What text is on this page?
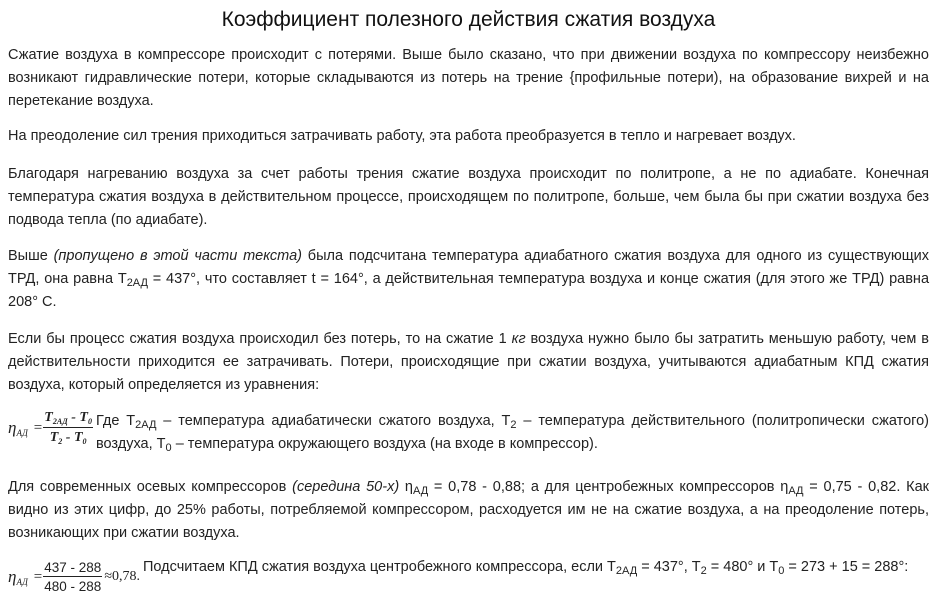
Коэффициент полезного действия сжатия воздуха

Сжатие воздуха в компрессоре происходит с потерями. Выше было сказано, что при движении воздуха по компрессору неизбежно возникают гидравлические потери, которые складываются из потерь на трение {профильные потери), на образование вихрей и на перетекание воздуха.

На преодоление сил трения приходиться затрачивать работу, эта работа преобразуется в тепло и нагревает воздух.

Благодаря нагреванию воздуха за счет работы трения сжатие воздуха происходит по политропе, а не по адиабате. Конечная температура сжатия воздуха в действительном процессе, происходящем по политропе, больше, чем была бы при сжатии воздуха без подвода тепла (по адиабате).

Выше (пропущено в этой части текста) была подсчитана температура адиабатного сжатия воздуха для одного из существующих ТРД, она равна $Т_{2АД} = 437^\circ$, что составляет t = 164°, а действительная температура воздуха и конце сжатия (для этого же ТРД) равна 208° С.

Если бы процесс сжатия воздуха происходил без потерь, то на сжатие 1 кг воздуха нужно было бы затратить меньшую работу, чем в действительности приходится ее затрачивать. Потери, происходящие при сжатии воздуха, учитываются адиабатным КПД сжатия воздуха, который определяется из уравнения:

$\eta_{АД} = \frac{T_{2АД} - T_0}{T_2 - T_0}$ Где $Т_{2АД}$ – температура адиабатически сжатого воздуха, $Т_2$ – температура действительного (политропически сжатого) воздуха, $Т_0$ – температура окружающего воздуха (на входе в компрессор).

Для современных осевых компрессоров (середина 50-х) $\eta_{АД} = 0,78 - 0,88$; а для центробежных компрессоров $\eta_{АД} = 0,75 - 0,82$. Как видно из этих цифр, до 25% работы, потребляемой компрессором, расходуется им не на сжатие воздуха, а на преодоление потерь, возникающих при сжатии воздуха.

$\eta_{АД} = \frac{437 - 288}{480 - 288} \approx 0,78$.
Подсчитаем КПД сжатия воздуха центробежного компрессора, если $Т_{2АД} = 437^\circ$, $Т_2 = 480^\circ$ и $Т_0 = 273 + 15 = 288^\circ$:
